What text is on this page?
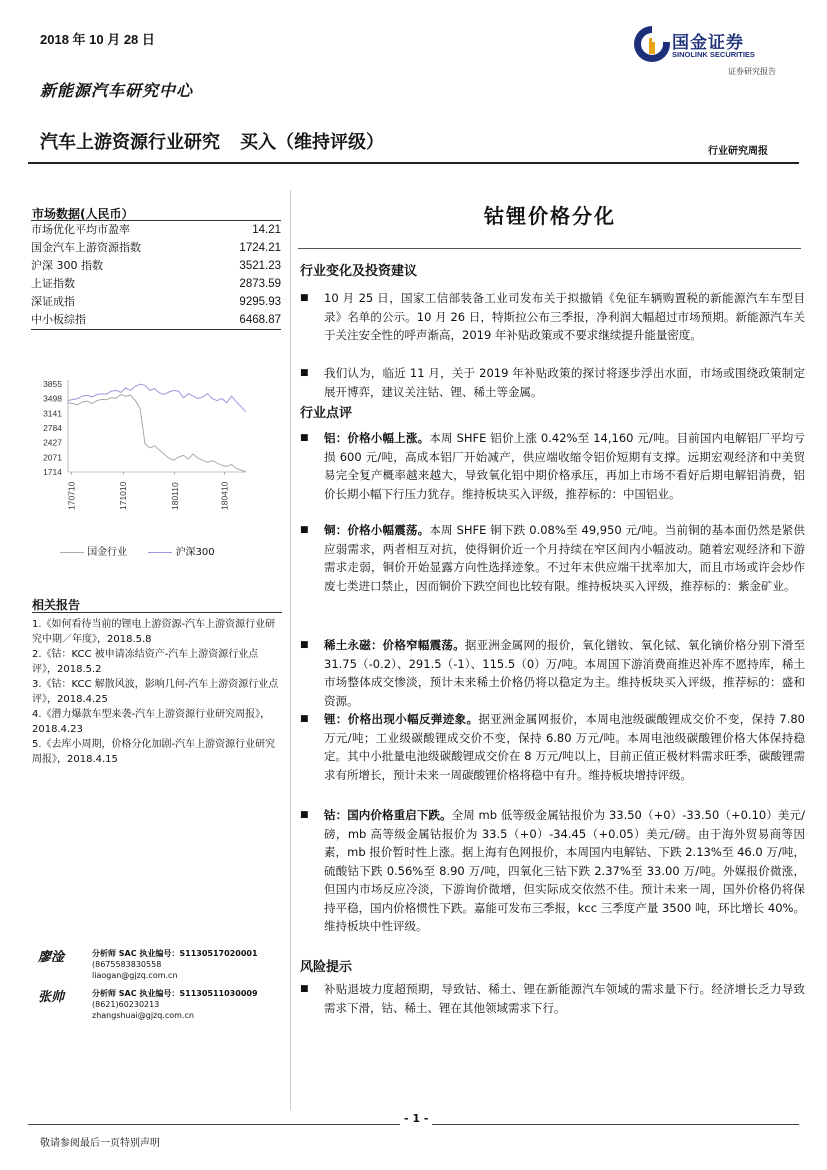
2018 年 10 月 28 日
新能源汽车研究中心
国金证券
SINOLINK SECURITIES
证券研究报告
汽车上游资源行业研究 买入（维持评级）	行业研究周报
市场数据(人民币）
市场优化平均市盈率	14.21
国金汽车上游资源指数	1724.21
沪深 300 指数	3521.23
上证指数	2873.59
深证成指	9295.93
中小板综指	6468.87
3855
3498
3141
2784
2427
2071
1714
170710	171010	180110	180410
国金行业	沪深300
相关报告
1.《如何看待当前的锂电上游资源-汽车上游资源行业研究中期／年度》，2018.5.8
2.《钴：KCC 被申请冻结资产-汽车上游资源行业点评》，2018.5.2
3.《钴：KCC 解散风波，影响几何-汽车上游资源行业点评》，2018.4.25
4.《潜力爆款车型来袭-汽车上游资源行业研究周报》，2018.4.23
5.《去库小周期，价格分化加剧-汽车上游资源行业研究周报》，2018.4.15
廖淦	分析师 SAC 执业编号：S1130517020001
(8675583830558
liaogan@gjzq.com.cn
张帅	分析师 SAC 执业编号：S1130511030009
(8621)60230213
zhangshuai@gjzq.com.cn
钴锂价格分化
行业变化及投资建议
■ 10 月 25 日，国家工信部装备工业司发布关于拟撤销《免征车辆购置税的新能源汽车车型目录》名单的公示。10 月 26 日，特斯拉公布三季报，净利润大幅超过市场预期。新能源汽车关于关注安全性的呼声渐高，2019 年补贴政策或不要求继续提升能量密度。
■ 我们认为，临近 11 月，关于 2019 年补贴政策的探讨将逐步浮出水面，市场或围绕政策制定展开博弈，建议关注钴、锂、稀土等金属。
行业点评
■ 铝：价格小幅上涨。本周 SHFE 铝价上涨 0.42%至 14,160 元/吨。目前国内电解铝厂平均亏损 600 元/吨，高成本铝厂开始减产，供应端收缩令铝价短期有支撑。远期宏观经济和中美贸易完全复产概率越来越大，导致氧化铝中期价格承压，再加上市场不看好后期电解铝消费，铝价长期小幅下行压力犹存。维持板块买入评级，推荐标的：中国铝业。
■ 铜：价格小幅震荡。本周 SHFE 铜下跌 0.08%至 49,950 元/吨。当前铜的基本面仍然是紧供应弱需求，两者相互对抗，使得铜价近一个月持续在窄区间内小幅波动。随着宏观经济和下游需求走弱，铜价开始显露方向性选择迹象。不过年末供应端干扰率加大，而且市场或许会炒作废七类进口禁止，因而铜价下跌空间也比较有限。维持板块买入评级，推荐标的：紫金矿业。
■ 稀土永磁：价格窄幅震荡。据亚洲金属网的报价，氧化镨钕、氧化铽、氧化镝价格分别下滑至 31.75（-0.2）、291.5（-1）、115.5（0）万/吨。本周国下游消费商推迟补库不愿持库，稀土市场整体成交惨淡，预计未来稀土价格仍将以稳定为主。维持板块买入评级，推荐标的：盛和资源。
■ 锂：价格出现小幅反弹迹象。据亚洲金属网报价，本周电池级碳酸锂成交价不变，保持 7.80 万元/吨；工业级碳酸锂成交价不变，保持 6.80 万元/吨。本周电池级碳酸锂价格大体保持稳定。其中小批量电池级碳酸锂成交价在 8 万元/吨以上，目前正值正极材料需求旺季，碳酸锂需求有所增长，预计未来一周碳酸锂价格将稳中有升。维持板块增持评级。
■ 钴：国内价格重启下跌。全周 mb 低等级金属钴报价为 33.50（+0）-33.50（+0.10）美元/磅，mb 高等级金属钴报价为 33.5（+0）-34.45（+0.05）美元/磅。由于海外贸易商等因素，mb 报价暂时性上涨。据上海有色网报价，本周国内电解钴、下跌 2.13%至 46.0 万/吨，硫酸钴下跌 0.56%至 8.90 万/吨，四氧化三钴下跌 2.37%至 33.00 万/吨。外媒报价微涨，但国内市场反应冷淡，下游询价微增，但实际成交依然不佳。预计未来一周，国外价格仍将保持平稳，国内价格惯性下跌。嘉能可发布三季报，kcc 三季度产量 3500 吨，环比增长 40%。维持板块中性评级。
风险提示
■ 补贴退坡力度超预期，导致钴、稀土、锂在新能源汽车领域的需求量下行。经济增长乏力导致需求下滑，钴、稀土、锂在其他领域需求下行。
- 1 -
敬请参阅最后一页特别声明
